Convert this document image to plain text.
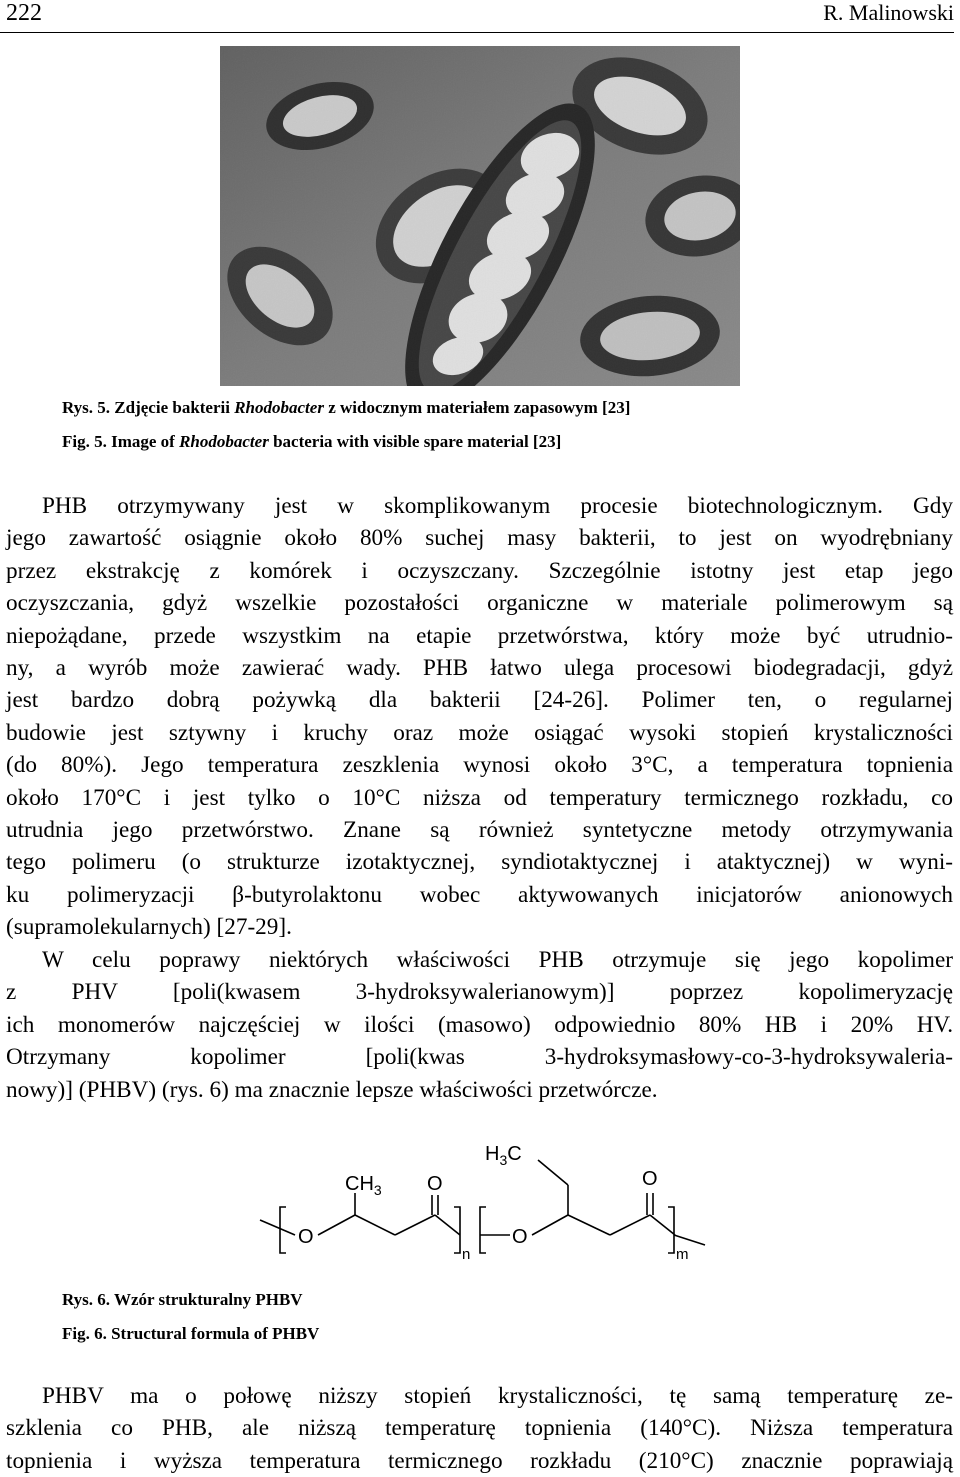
222	R. Malinowski
Rys. 5. Zdjęcie bakterii Rhodobacter z widocznym materiałem zapasowym [23]
Fig. 5. Image of Rhodobacter bacteria with visible spare material [23]
PHB otrzymywany jest w skomplikowanym procesie biotechnologicznym. Gdy
jego zawartość osiągnie około 80% suchej masy bakterii, to jest on wyodrębniany
przez ekstrakcję z komórek i oczyszczany. Szczególnie istotny jest etap jego
oczyszczania, gdyż wszelkie pozostałości organiczne w materiale polimerowym są
niepożądane, przede wszystkim na etapie przetwórstwa, który może być utrudnio-
ny, a wyrób może zawierać wady. PHB łatwo ulega procesowi biodegradacji, gdyż
jest bardzo dobrą pożywką dla bakterii [24-26]. Polimer ten, o regularnej
budowie jest sztywny i kruchy oraz może osiągać wysoki stopień krystaliczności
(do 80%). Jego temperatura zeszklenia wynosi około 3°C, a temperatura topnienia
około 170°C i jest tylko o 10°C niższa od temperatury termicznego rozkładu, co
utrudnia jego przetwórstwo. Znane są również syntetyczne metody otrzymywania
tego polimeru (o strukturze izotaktycznej, syndiotaktycznej i ataktycznej) w wyni-
ku polimeryzacji β-butyrolaktonu wobec aktywowanych inicjatorów anionowych
(supramolekularnych) [27-29].
W celu poprawy niektórych właściwości PHB otrzymuje się jego kopolimer
z PHV [poli(kwasem 3-hydroksywalerianowym)] poprzez kopolimeryzację
ich monomerów najczęściej w ilości (masowo) odpowiednio 80% HB i 20% HV.
Otrzymany kopolimer [poli(kwas 3-hydroksymasłowy-co-3-hydroksywaleria-
nowy)] (PHBV) (rys. 6) ma znacznie lepsze właściwości przetwórcze.
O
$CH_3$ O
n
O
$H_3C$
O
m
Rys. 6. Wzór strukturalny PHBV
Fig. 6. Structural formula of PHBV
PHBV ma o połowę niższy stopień krystaliczności, tę samą temperaturę ze-
szklenia co PHB, ale niższą temperaturę topnienia (140°C). Niższa temperatura
topnienia i wyższa temperatura termicznego rozkładu (210°C) znacznie poprawiają
